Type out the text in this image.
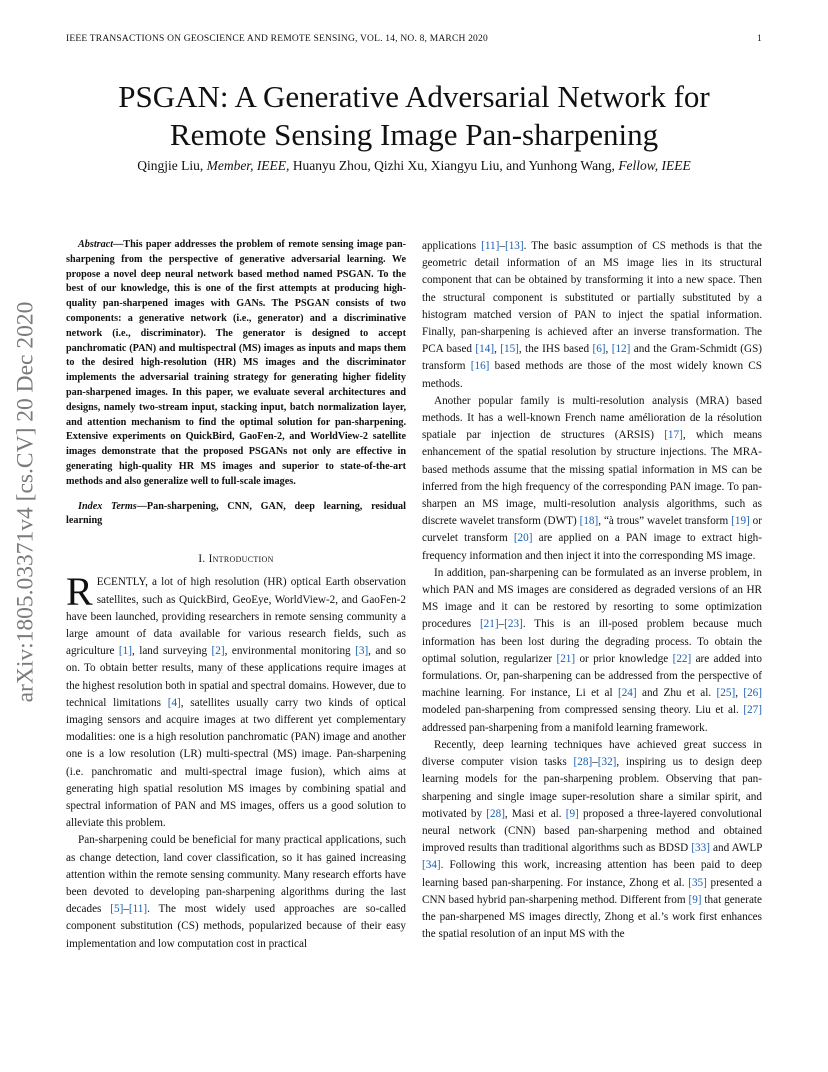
IEEE TRANSACTIONS ON GEOSCIENCE AND REMOTE SENSING, VOL. 14, NO. 8, MARCH 2020	1
PSGAN: A Generative Adversarial Network for
Remote Sensing Image Pan-sharpening
Qingjie Liu, Member, IEEE, Huanyu Zhou, Qizhi Xu, Xiangyu Liu, and Yunhong Wang, Fellow, IEEE
arXiv:1805.03371v4 [cs.CV] 20 Dec 2020

Abstract—This paper addresses the problem of remote sensing image pan-sharpening from the perspective of generative adversarial learning. We propose a novel deep neural network based method named PSGAN. To the best of our knowledge, this is one of the first attempts at producing high-quality pan-sharpened images with GANs. The PSGAN consists of two components: a generative network (i.e., generator) and a discriminative network (i.e., discriminator). The generator is designed to accept panchromatic (PAN) and multispectral (MS) images as inputs and maps them to the desired high-resolution (HR) MS images and the discriminator implements the adversarial training strategy for generating higher fidelity pan-sharpened images. In this paper, we evaluate several architectures and designs, namely two-stream input, stacking input, batch normalization layer, and attention mechanism to find the optimal solution for pan-sharpening. Extensive experiments on QuickBird, GaoFen-2, and WorldView-2 satellite images demonstrate that the proposed PSGANs not only are effective in generating high-quality HR MS images and superior to state-of-the-art methods and also generalize well to full-scale images.

Index Terms—Pan-sharpening, CNN, GAN, deep learning, residual learning

I. Introduction

RECENTLY, a lot of high resolution (HR) optical Earth observation satellites, such as QuickBird, GeoEye, WorldView-2, and GaoFen-2 have been launched, providing researchers in remote sensing community a large amount of data available for various research fields, such as agriculture [1], land surveying [2], environmental monitoring [3], and so on. To obtain better results, many of these applications require images at the highest resolution both in spatial and spectral domains. However, due to technical limitations [4], satellites usually carry two kinds of optical imaging sensors and acquire images at two different yet complementary modalities: one is a high resolution panchromatic (PAN) image and another one is a low resolution (LR) multi-spectral (MS) image. Pan-sharpening (i.e. panchromatic and multi-spectral image fusion), which aims at generating high spatial resolution MS images by combining spatial and spectral information of PAN and MS images, offers us a good solution to alleviate this problem.

Pan-sharpening could be beneficial for many practical applications, such as change detection, land cover classification, so it has gained increasing attention within the remote sensing community. Many research efforts have been devoted to developing pan-sharpening algorithms during the last decades [5]–[11]. The most widely used approaches are so-called component substitution (CS) methods, popularized because of their easy implementation and low computation cost in practical

applications [11]–[13]. The basic assumption of CS methods is that the geometric detail information of an MS image lies in its structural component that can be obtained by transforming it into a new space. Then the structural component is substituted or partially substituted by a histogram matched version of PAN to inject the spatial information. Finally, pan-sharpening is achieved after an inverse transformation. The PCA based [14], [15], the IHS based [6], [12] and the Gram-Schmidt (GS) transform [16] based methods are those of the most widely known CS methods.

Another popular family is multi-resolution analysis (MRA) based methods. It has a well-known French name amélioration de la résolution spatiale par injection de structures (ARSIS) [17], which means enhancement of the spatial resolution by structure injections. The MRA-based methods assume that the missing spatial information in MS can be inferred from the high frequency of the corresponding PAN image. To pan-sharpen an MS image, multi-resolution analysis algorithms, such as discrete wavelet transform (DWT) [18], “à trous” wavelet transform [19] or curvelet transform [20] are applied on a PAN image to extract high-frequency information and then inject it into the corresponding MS image.

In addition, pan-sharpening can be formulated as an inverse problem, in which PAN and MS images are considered as degraded versions of an HR MS image and it can be restored by resorting to some optimization procedures [21]–[23]. This is an ill-posed problem because much information has been lost during the degrading process. To obtain the optimal solution, regularizer [21] or prior knowledge [22] are added into formulations. Or, pan-sharpening can be addressed from the perspective of machine learning. For instance, Li et al [24] and Zhu et al. [25], [26] modeled pan-sharpening from compressed sensing theory. Liu et al. [27] addressed pan-sharpening from a manifold learning framework.

Recently, deep learning techniques have achieved great success in diverse computer vision tasks [28]–[32], inspiring us to design deep learning models for the pan-sharpening problem. Observing that pan-sharpening and single image super-resolution share a similar spirit, and motivated by [28], Masi et al. [9] proposed a three-layered convolutional neural network (CNN) based pan-sharpening method and obtained improved results than traditional algorithms such as BDSD [33] and AWLP [34]. Following this work, increasing attention has been paid to deep learning based pan-sharpening. For instance, Zhong et al. [35] presented a CNN based hybrid pan-sharpening method. Different from [9] that generate the pan-sharpened MS images directly, Zhong et al.’s work first enhances the spatial resolution of an input MS with the
